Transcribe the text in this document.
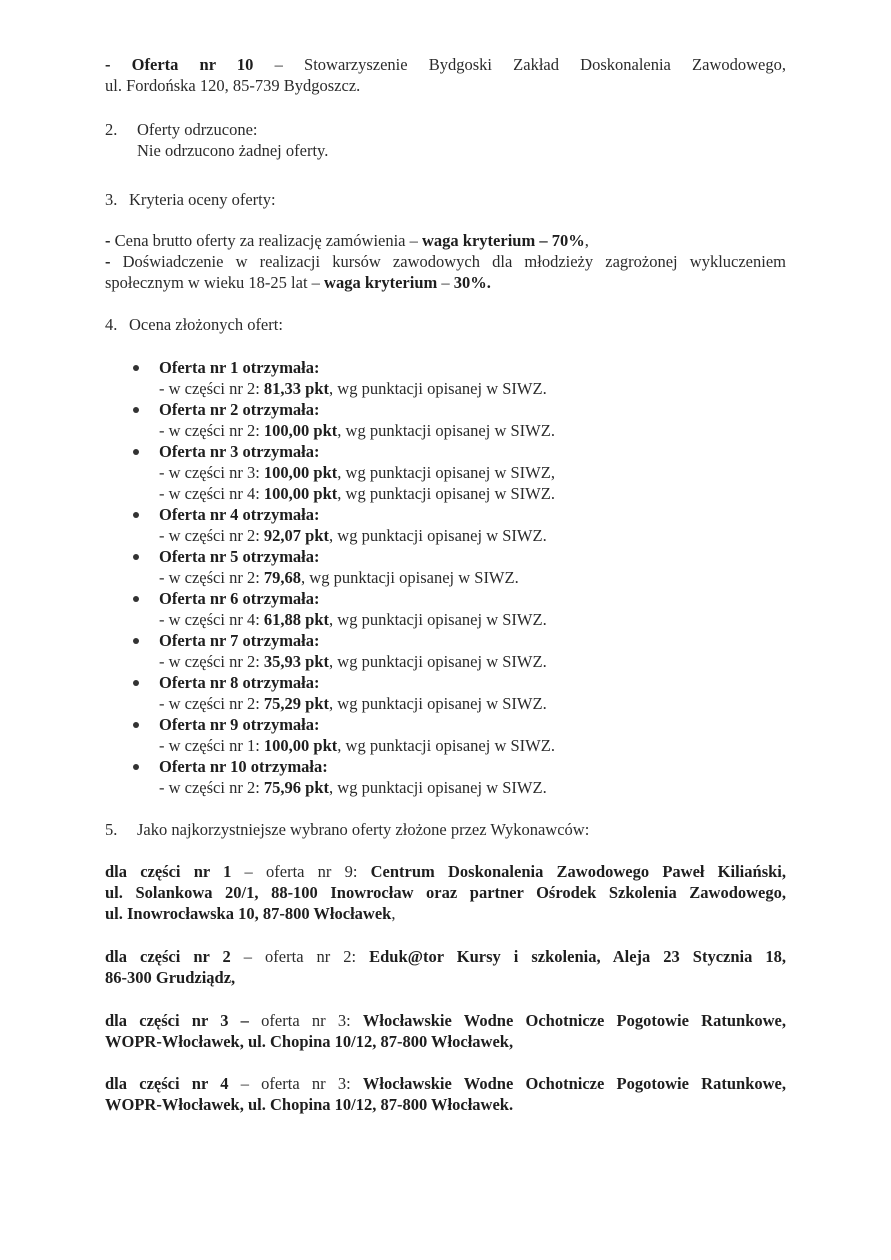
- Oferta nr 10 – Stowarzyszenie Bydgoski Zakład Doskonalenia Zawodowego,
ul. Fordońska 120, 85-739 Bydgoszcz.
2. Oferty odrzucone:
Nie odrzucono żadnej oferty.
3. Kryteria oceny oferty:
- Cena brutto oferty za realizację zamówienia – waga kryterium – 70%,
- Doświadczenie w realizacji kursów zawodowych dla młodzieży zagrożonej wykluczeniem
społecznym w wieku 18-25 lat – waga kryterium – 30%.
4. Ocena złożonych ofert:
Oferta nr 1 otrzymała:
- w części nr 2: 81,33 pkt, wg punktacji opisanej w SIWZ.
Oferta nr 2 otrzymała:
- w części nr 2: 100,00 pkt, wg punktacji opisanej w SIWZ.
Oferta nr 3 otrzymała:
- w części nr 3: 100,00 pkt, wg punktacji opisanej w SIWZ,
- w części nr 4: 100,00 pkt, wg punktacji opisanej w SIWZ.
Oferta nr 4 otrzymała:
- w części nr 2: 92,07 pkt, wg punktacji opisanej w SIWZ.
Oferta nr 5 otrzymała:
- w części nr 2: 79,68, wg punktacji opisanej w SIWZ.
Oferta nr 6 otrzymała:
- w części nr 4: 61,88 pkt, wg punktacji opisanej w SIWZ.
Oferta nr 7 otrzymała:
- w części nr 2: 35,93 pkt, wg punktacji opisanej w SIWZ.
Oferta nr 8 otrzymała:
- w części nr 2: 75,29 pkt, wg punktacji opisanej w SIWZ.
Oferta nr 9 otrzymała:
- w części nr 1: 100,00 pkt, wg punktacji opisanej w SIWZ.
Oferta nr 10 otrzymała:
- w części nr 2: 75,96 pkt, wg punktacji opisanej w SIWZ.
5. Jako najkorzystniejsze wybrano oferty złożone przez Wykonawców:
dla części nr 1 – oferta nr 9: Centrum Doskonalenia Zawodowego Paweł Kiliański,
ul. Solankowa 20/1, 88-100 Inowrocław oraz partner Ośrodek Szkolenia Zawodowego,
ul. Inowrocławska 10, 87-800 Włocławek,
dla części nr 2 – oferta nr 2: Eduk@tor Kursy i szkolenia, Aleja 23 Stycznia 18,
86-300 Grudziądz,
dla części nr 3 – oferta nr 3: Włocławskie Wodne Ochotnicze Pogotowie Ratunkowe,
WOPR-Włocławek, ul. Chopina 10/12, 87-800 Włocławek,
dla części nr 4 – oferta nr 3: Włocławskie Wodne Ochotnicze Pogotowie Ratunkowe,
WOPR-Włocławek, ul. Chopina 10/12, 87-800 Włocławek.
